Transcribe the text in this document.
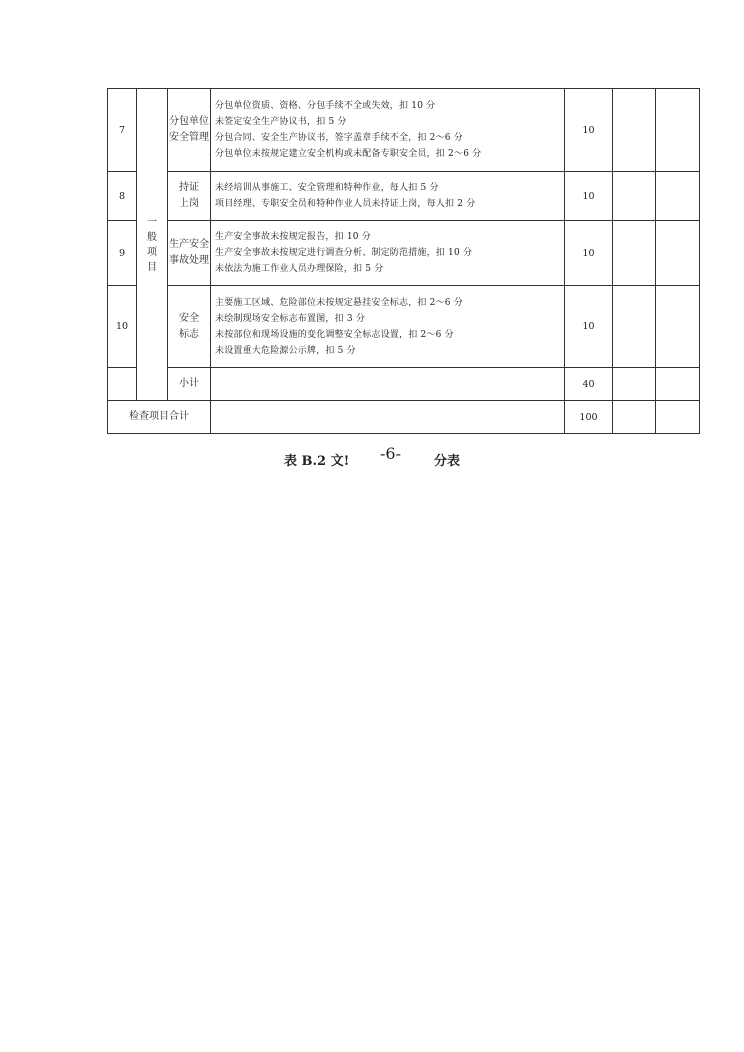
7	一般项目	分包单位安全管理	分包单位资质、资格、分包手续不全或失效，扣 10 分
未签定安全生产协议书，扣 5 分
分包合同、安全生产协议书，签字盖章手续不全，扣 2～6 分
分包单位未按规定建立安全机构或未配备专职安全员，扣 2～6 分	10		
8		持证上岗	未经培训从事施工、安全管理和特种作业，每人扣 5 分
项目经理、专职安全员和特种作业人员未持证上岗，每人扣 2 分	10		
9		生产安全事故处理	生产安全事故未按规定报告，扣 10 分
生产安全事故未按规定进行调查分析、制定防范措施，扣 10 分
未依法为施工作业人员办理保险，扣 5 分	10		
10		安全标志	主要施工区域、危险部位未按规定悬挂安全标志，扣 2～6 分
未绘制现场安全标志布置图，扣 3 分
未按部位和现场设施的变化调整安全标志设置，扣 2～6 分
未设置重大危险源公示牌，扣 5 分	10		
		小计		40		
检查项目合计				100		
表 B.2 文! -6-	分表
